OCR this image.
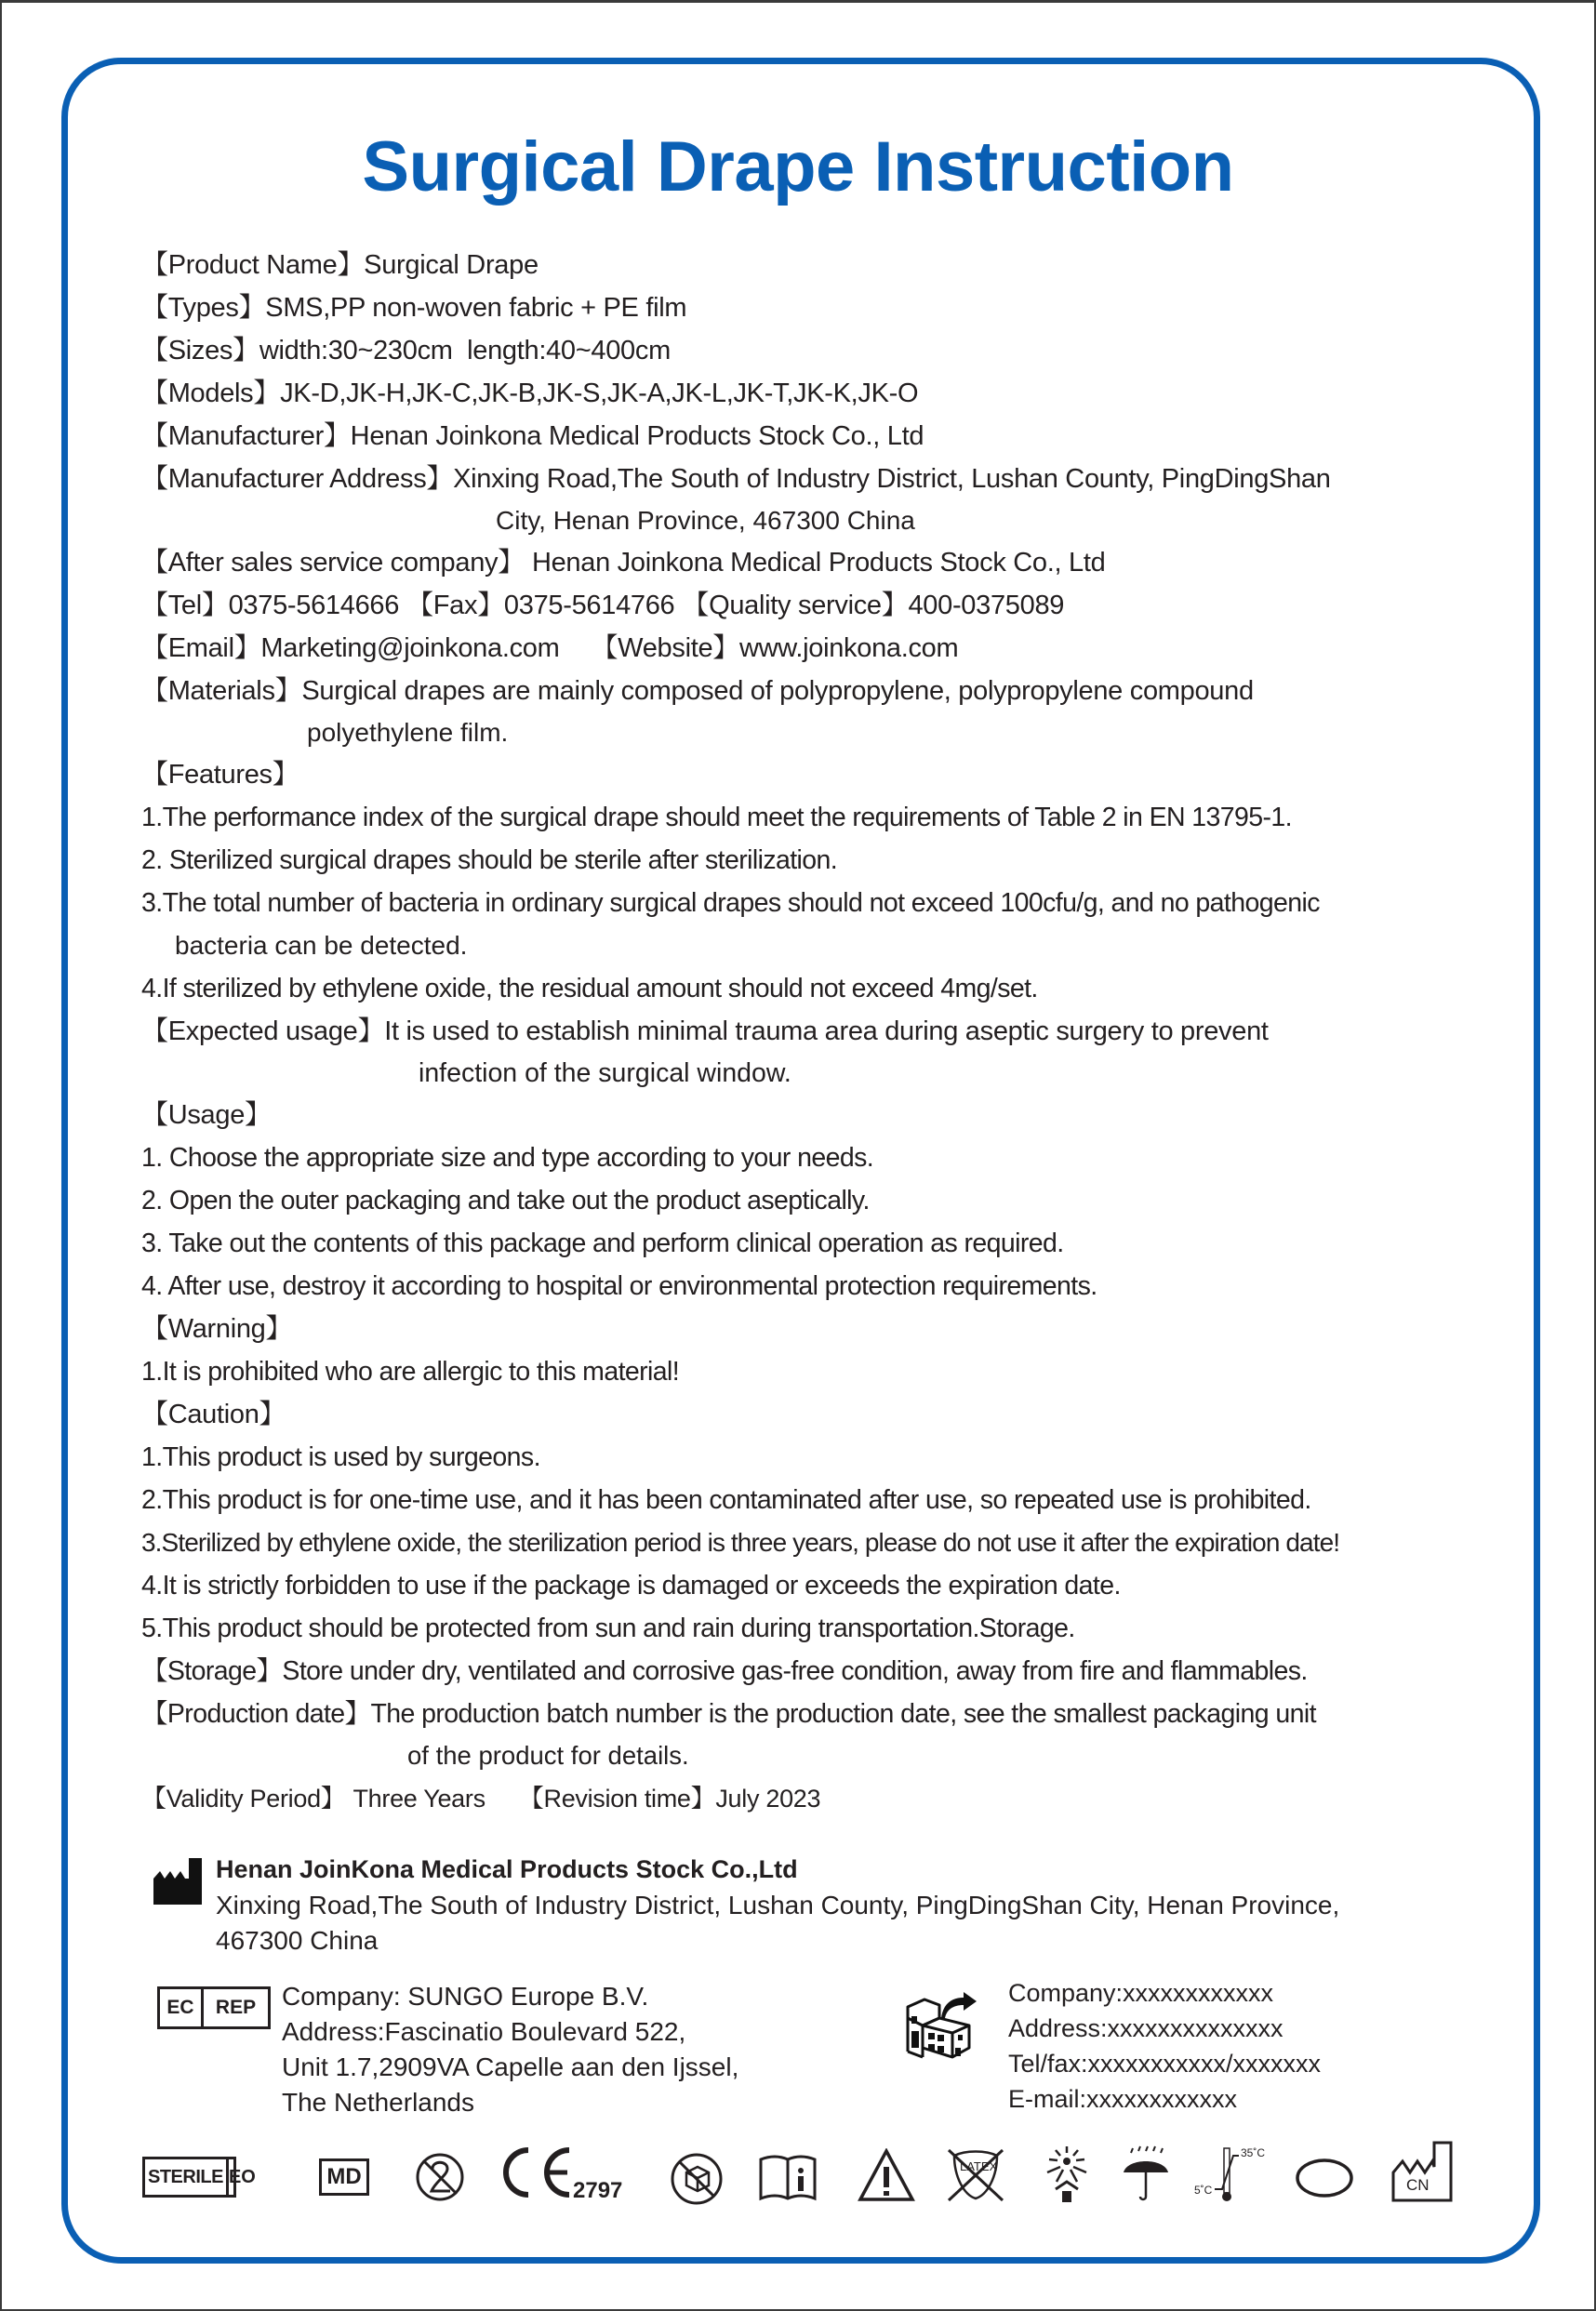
Surgical Drape Instruction
【Product Name】Surgical Drape
【Types】SMS,PP non-woven fabric + PE film
【Sizes】width:30~230cm  length:40~400cm
【Models】JK-D,JK-H,JK-C,JK-B,JK-S,JK-A,JK-L,JK-T,JK-K,JK-O
【Manufacturer】Henan Joinkona Medical Products Stock Co., Ltd
【Manufacturer Address】Xinxing Road,The South of Industry District, Lushan County, PingDingShan
City, Henan Province, 467300 China
【After sales service company】 Henan Joinkona Medical Products Stock Co., Ltd
【Tel】0375-5614666 【Fax】0375-5614766 【Quality service】400-0375089
【Email】Marketing@joinkona.com 【Website】www.joinkona.com
【Materials】Surgical drapes are mainly composed of polypropylene, polypropylene compound
polyethylene film.
【Features】
1.The performance index of the surgical drape should meet the requirements of Table 2 in EN 13795-1.
2. Sterilized surgical drapes should be sterile after sterilization.
3.The total number of bacteria in ordinary surgical drapes should not exceed 100cfu/g, and no pathogenic
bacteria can be detected.
4.If sterilized by ethylene oxide, the residual amount should not exceed 4mg/set.
【Expected usage】It is used to establish minimal trauma area during aseptic surgery to prevent
infection of the surgical window.
【Usage】
1. Choose the appropriate size and type according to your needs.
2. Open the outer packaging and take out the product aseptically.
3. Take out the contents of this package and perform clinical operation as required.
4. After use, destroy it according to hospital or environmental protection requirements.
【Warning】
1.It is prohibited who are allergic to this material!
【Caution】
1.This product is used by surgeons.
2.This product is for one-time use, and it has been contaminated after use, so repeated use is prohibited.
3.Sterilized by ethylene oxide, the sterilization period is three years, please do not use it after the expiration date!
4.It is strictly forbidden to use if the package is damaged or exceeds the expiration date.
5.This product should be protected from sun and rain during transportation.Storage.
【Storage】Store under dry, ventilated and corrosive gas-free condition, away from fire and flammables.
【Production date】The production batch number is the production date, see the smallest packaging unit
of the product for details.
【Validity Period】 Three Years 【Revision time】July 2023
Henan JoinKona Medical Products Stock Co.,Ltd
Xinxing Road,The South of Industry District, Lushan County, PingDingShan City, Henan Province,
467300 China
EC	REP Company: SUNGO Europe B.V.
Address:Fascinatio Boulevard 522,
Unit 1.7,2909VA Capelle aan den Ijssel,
The Netherlands
Company:xxxxxxxxxxxx
Address:xxxxxxxxxxxxxx
Tel/fax:xxxxxxxxxxx/xxxxxxx
E-mail:xxxxxxxxxxxx
STERILE EO	MD
2797
LATEX
35˚C
5˚C	CN
